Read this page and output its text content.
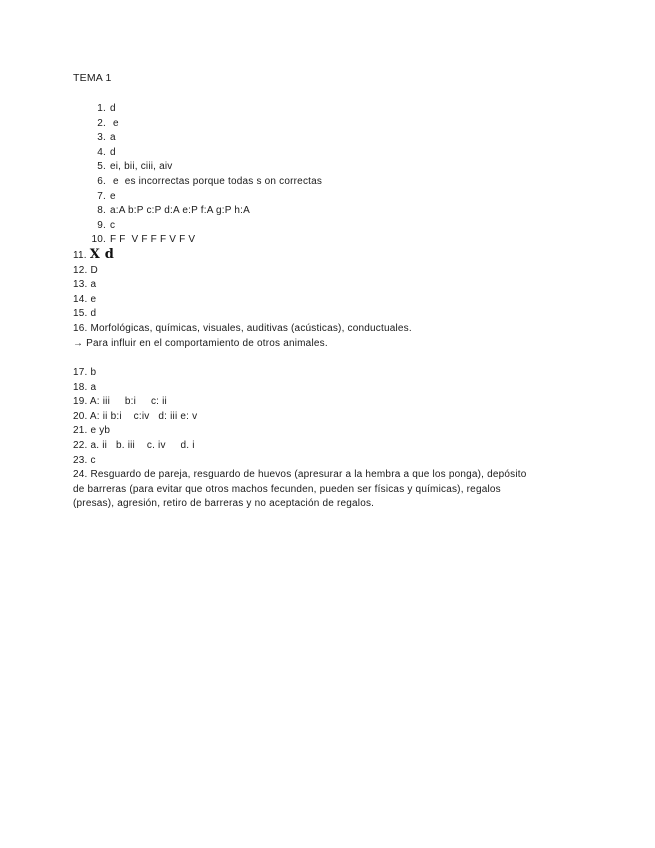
TEMA 1
1. d
2. e
3. a
4. d
5. ei, bii, ciii, aiv
6. e  es incorrectas porque todas s on correctas
7. e
8. a:A b:P c:P d:A e:P f:A g:P h:A
9. c
10. F F  V F F F V F V
11. X d
12. D
13. a
14. e
15. d
16. Morfológicas, químicas, visuales, auditivas (acústicas), conductuales.
→ Para influir en el comportamiento de otros animales.
17. b
18. a
19. A: iii     b:i     c: ii
20. A: ii b:i    c:iv   d: iii e: v
21. e yb
22. a. ii   b. iii    c. iv     d. i
23. c
24. Resguardo de pareja, resguardo de huevos (apresurar a la hembra a que los ponga), depósito de barreras (para evitar que otros machos fecunden, pueden ser físicas y químicas), regalos (presas), agresión, retiro de barreras y no aceptación de regalos.
